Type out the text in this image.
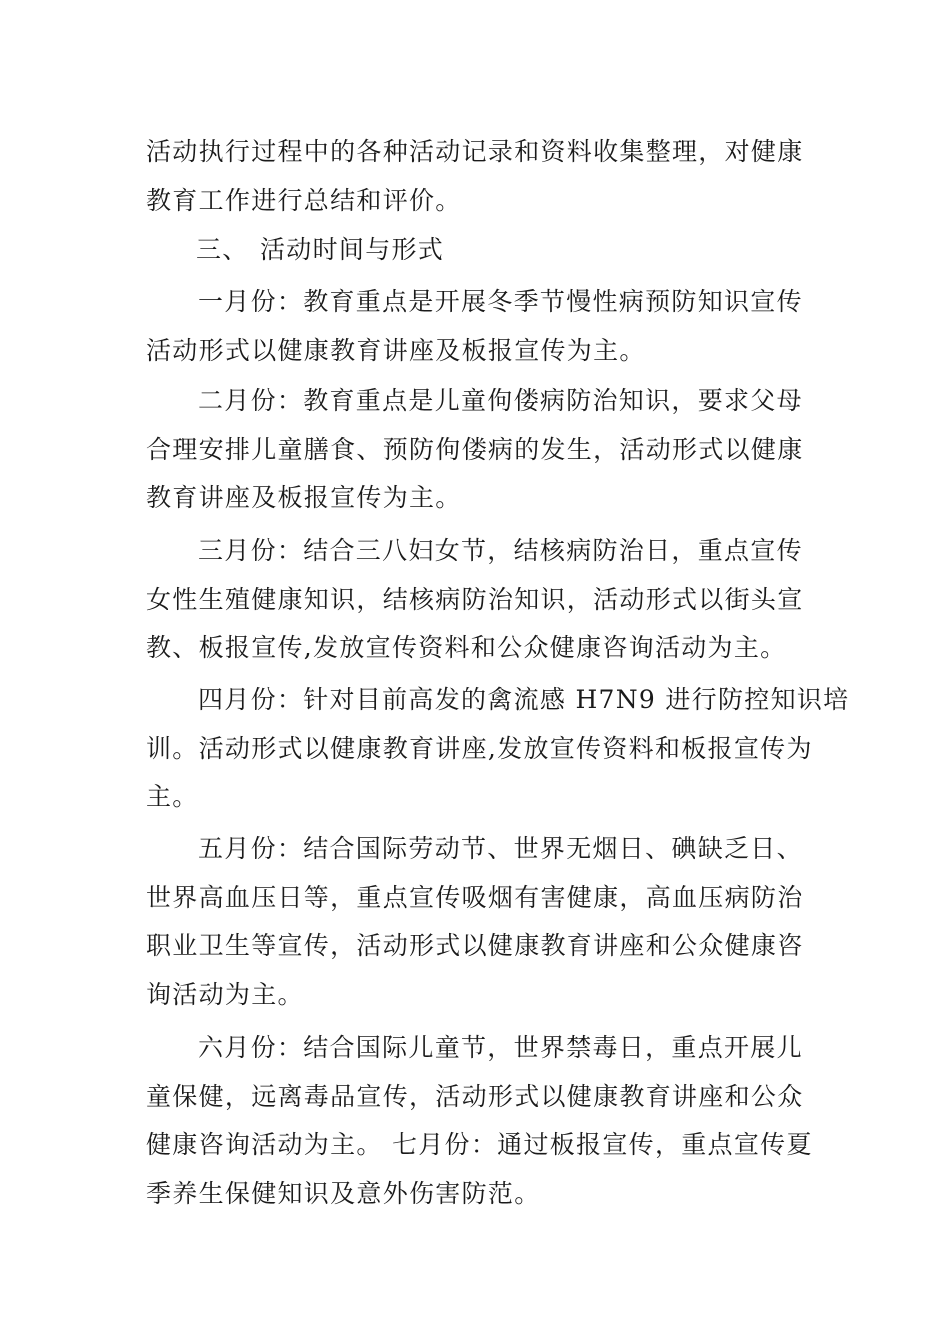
活动执行过程中的各种活动记录和资料收集整理，对健康
教育工作进行总结和评价。
三、 活动时间与形式
一月份：教育重点是开展冬季节慢性病预防知识宣传
活动形式以健康教育讲座及板报宣传为主。
二月份：教育重点是儿童佝偻病防治知识，要求父母
合理安排儿童膳食、预防佝偻病的发生，活动形式以健康
教育讲座及板报宣传为主。
三月份：结合三八妇女节，结核病防治日，重点宣传
女性生殖健康知识，结核病防治知识，活动形式以街头宣
教、板报宣传,发放宣传资料和公众健康咨询活动为主。
四月份：针对目前高发的禽流感 H7N9 进行防控知识培
训。活动形式以健康教育讲座,发放宣传资料和板报宣传为
主。
五月份：结合国际劳动节、世界无烟日、碘缺乏日、
世界高血压日等，重点宣传吸烟有害健康，高血压病防治
职业卫生等宣传，活动形式以健康教育讲座和公众健康咨
询活动为主。
六月份：结合国际儿童节，世界禁毒日，重点开展儿
童保健，远离毒品宣传，活动形式以健康教育讲座和公众
健康咨询活动为主。 七月份：通过板报宣传，重点宣传夏
季养生保健知识及意外伤害防范。
